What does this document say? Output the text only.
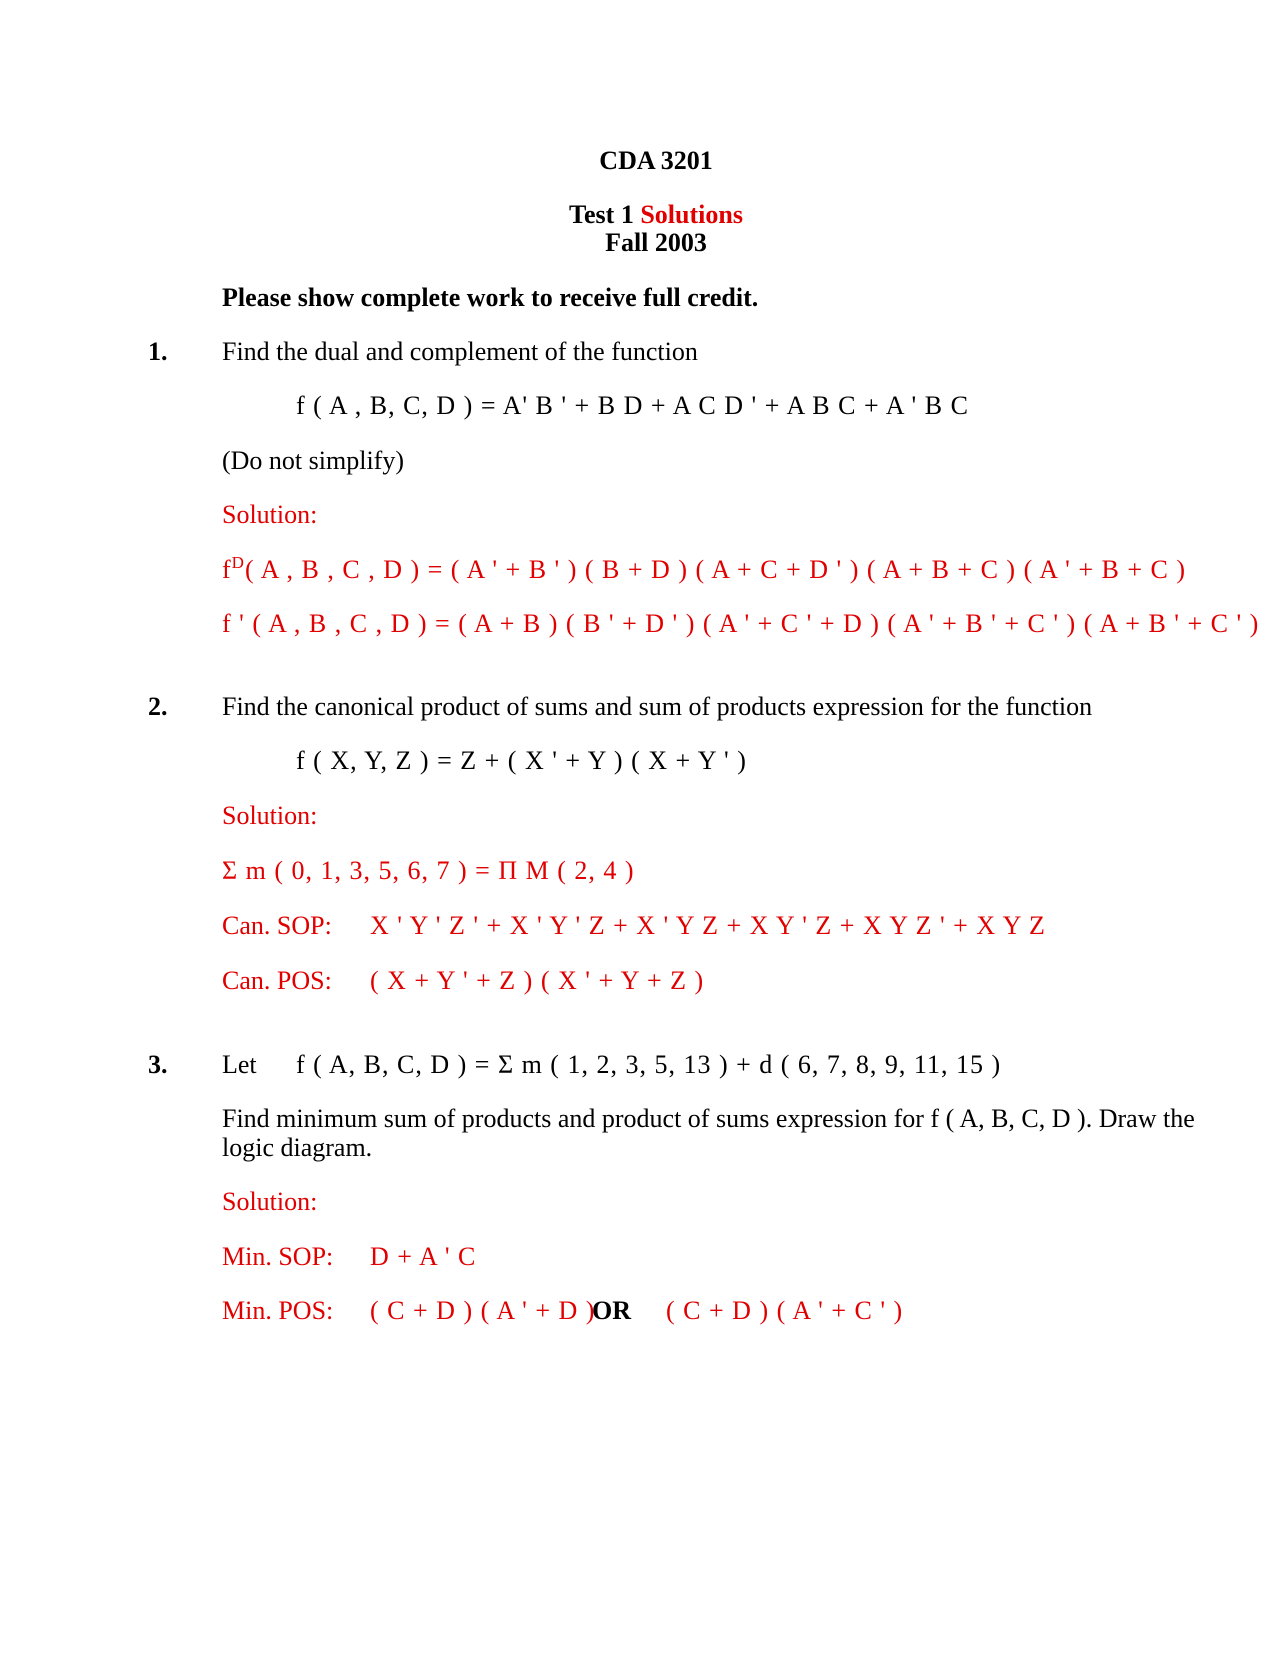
CDA 3201
Test 1 Solutions
Fall 2003
Please show complete work to receive full credit.
1. Find the dual and complement of the function
f ( A , B, C, D ) = A' B ' + B D + A C D ' + A B C + A ' B C
(Do not simplify)
Solution:
$f^D$( A , B , C , D ) = ( A ' + B ' ) ( B + D ) ( A + C + D ' ) ( A + B + C ) ( A ' + B + C )
f ' ( A , B , C , D ) = ( A + B ) ( B ' + D ' ) ( A ' + C ' + D ) ( A ' + B ' + C ' ) ( A + B ' + C ' )
2. Find the canonical product of sums and sum of products expression for the function
f ( X, Y, Z ) = Z + ( X ' + Y ) ( X + Y ' )
Solution:
Σ m ( 0, 1, 3, 5, 6, 7 ) = Π M ( 2, 4 )
Can. SOP: X ' Y ' Z ' + X ' Y ' Z + X ' Y Z + X Y ' Z + X Y Z ' + X Y Z
Can. POS: ( X + Y ' + Z ) ( X ' + Y + Z )
3. Let f ( A, B, C, D ) = Σ m ( 1, 2, 3, 5, 13 ) + d ( 6, 7, 8, 9, 11, 15 )
Find minimum sum of products and product of sums expression for f ( A, B, C, D ). Draw the
logic diagram.
Solution:
Min. SOP: D + A ' C
Min. POS: ( C + D ) ( A ' + D )
OR ( C + D ) ( A ' + C ' )
